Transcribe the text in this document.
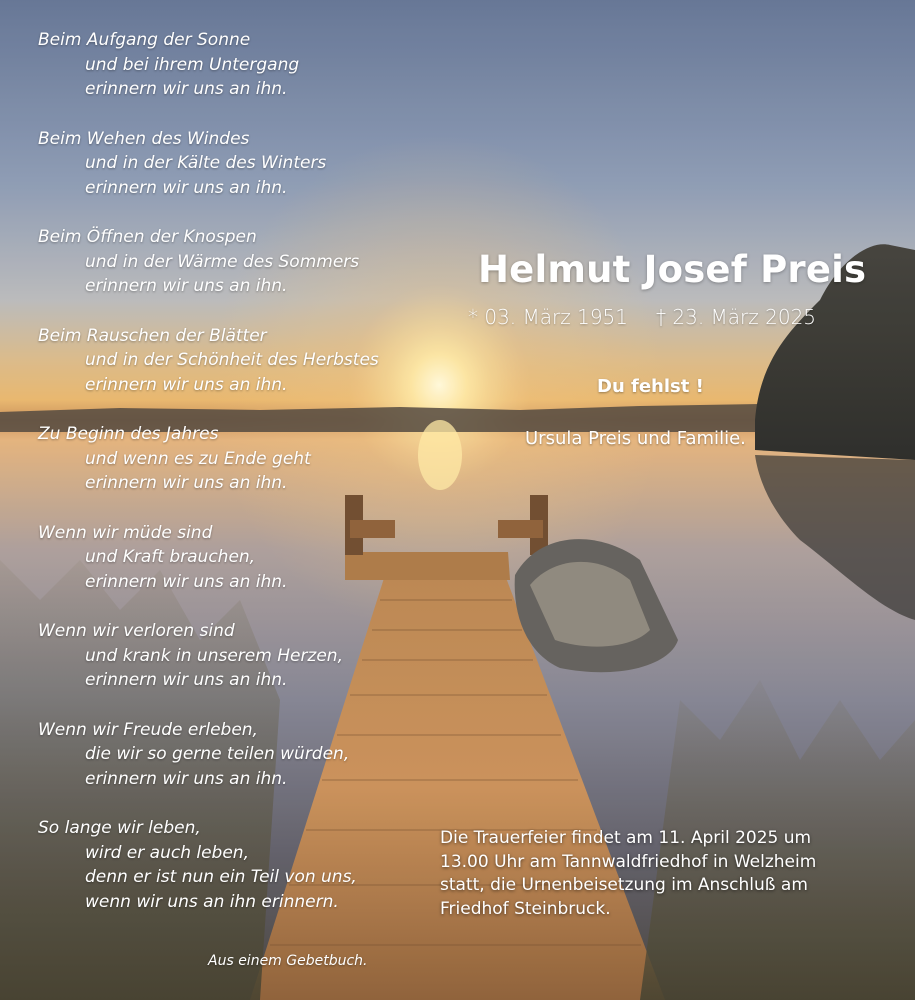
Beim Aufgang der Sonne
und bei ihrem Untergang
erinnern wir uns an ihn.
Beim Wehen des Windes
und in der Kälte des Winters
erinnern wir uns an ihn.
Beim Öffnen der Knospen
und in der Wärme des Sommers
erinnern wir uns an ihn.
Beim Rauschen der Blätter
und in der Schönheit des Herbstes
erinnern wir uns an ihn.
Zu Beginn des Jahres
und wenn es zu Ende geht
erinnern wir uns an ihn.
Wenn wir müde sind
und Kraft brauchen,
erinnern wir uns an ihn.
Wenn wir verloren sind
und krank in unserem Herzen,
erinnern wir uns an ihn.
Wenn wir Freude erleben,
die wir so gerne teilen würden,
erinnern wir uns an ihn.
So lange wir leben,
wird er auch leben,
denn er ist nun ein Teil von uns,
wenn wir uns an ihn erinnern.
Aus einem Gebetbuch.
Helmut Josef Preis
* 03. März 1951 † 23. März 2025
Du fehlst !
Ursula Preis und Familie.
Die Trauerfeier findet am 11. April 2025 um
13.00 Uhr am Tannwaldfriedhof in Welzheim
statt, die Urnenbeisetzung im Anschluß am
Friedhof Steinbruck.
